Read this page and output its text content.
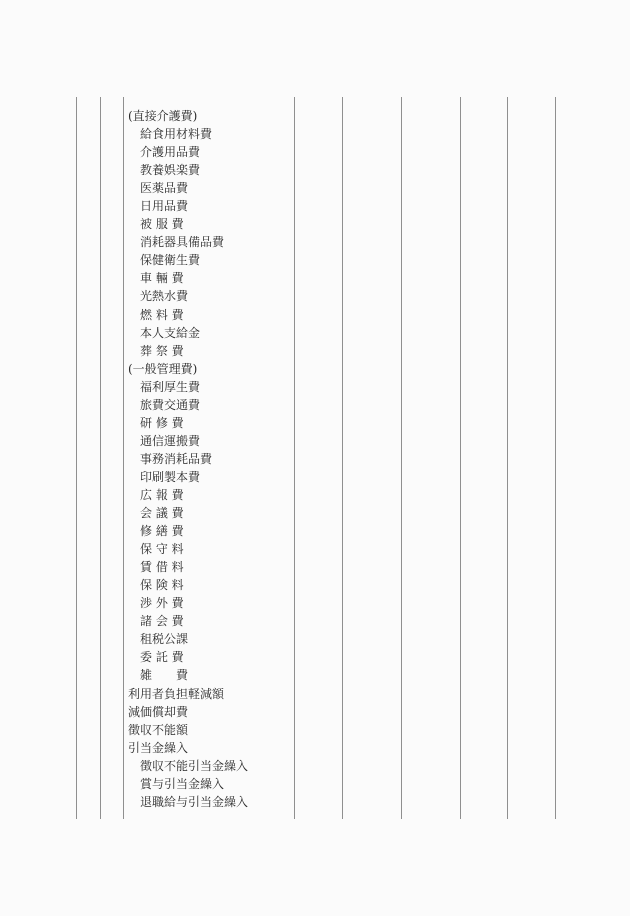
(直接介護費)
給食用材料費
介護用品費
教養娯楽費
医薬品費
日用品費
被 服 費
消耗器具備品費
保健衛生費
車 輛 費
光熱水費
燃 料 費
本人支給金
葬 祭 費
(一般管理費)
福利厚生費
旅費交通費
研 修 費
通信運搬費
事務消耗品費
印刷製本費
広 報 費
会 議 費
修 繕 費
保 守 料
賃 借 料
保 険 料
渉 外 費
諸 会 費
租税公課
委 託 費
雑　　費
利用者負担軽減額
減価償却費
徴収不能額
引当金繰入
徴収不能引当金繰入
賞与引当金繰入
退職給与引当金繰入
